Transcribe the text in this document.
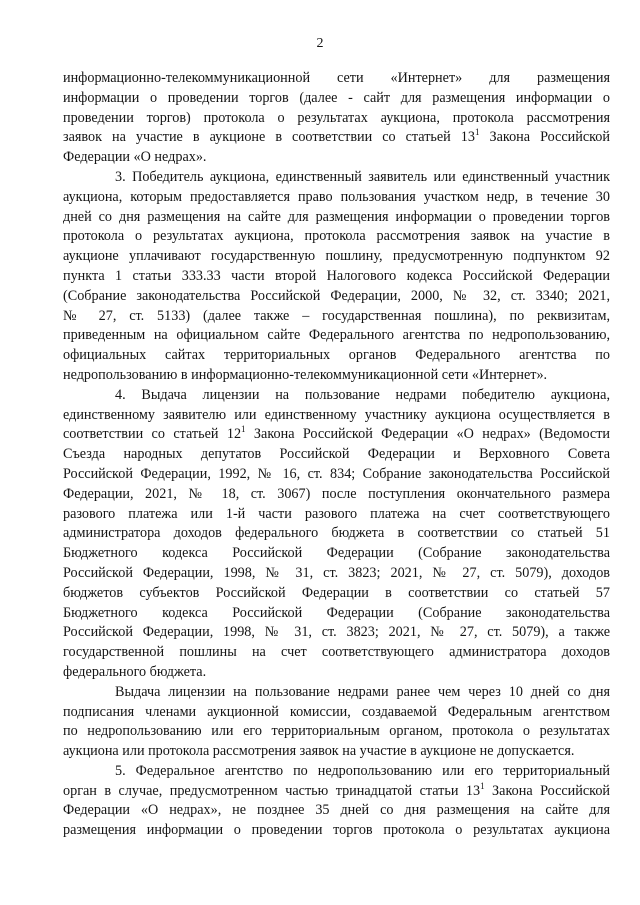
2
информационно-телекоммуникационной сети «Интернет» для размещения
информации о проведении торгов (далее - сайт для размещения информации о
проведении торгов) протокола о результатах аукциона, протокола рассмотрения
заявок на участие в аукционе в соответствии со статьей $13^1$ Закона Российской
Федерации «О недрах».
3. Победитель аукциона, единственный заявитель или единственный участник
аукциона, которым предоставляется право пользования участком недр, в течение 30
дней со дня размещения на сайте для размещения информации о проведении торгов
протокола о результатах аукциона, протокола рассмотрения заявок на участие в
аукционе уплачивают государственную пошлину, предусмотренную подпунктом 92
пункта 1 статьи 333.33 части второй Налогового кодекса Российской Федерации
(Собрание законодательства Российской Федерации, 2000, № 32, ст. 3340; 2021,
№ 27, ст. 5133) (далее также – государственная пошлина), по реквизитам,
приведенным на официальном сайте Федерального агентства по недропользованию,
официальных сайтах территориальных органов Федерального агентства по
недропользованию в информационно-телекоммуникационной сети «Интернет».
4. Выдача лицензии на пользование недрами победителю аукциона,
единственному заявителю или единственному участнику аукциона осуществляется в
соответствии со статьей $12^1$ Закона Российской Федерации «О недрах» (Ведомости
Съезда народных депутатов Российской Федерации и Верховного Совета
Российской Федерации, 1992, № 16, ст. 834; Собрание законодательства Российской
Федерации, 2021, № 18, ст. 3067) после поступления окончательного размера
разового платежа или 1-й части разового платежа на счет соответствующего
администратора доходов федерального бюджета в соответствии со статьей 51
Бюджетного кодекса Российской Федерации (Собрание законодательства
Российской Федерации, 1998, № 31, ст. 3823; 2021, № 27, ст. 5079), доходов
бюджетов субъектов Российской Федерации в соответствии со статьей 57
Бюджетного кодекса Российской Федерации (Собрание законодательства
Российской Федерации, 1998, № 31, ст. 3823; 2021, № 27, ст. 5079), а также
государственной пошлины на счет соответствующего администратора доходов
федерального бюджета.
Выдача лицензии на пользование недрами ранее чем через 10 дней со дня
подписания членами аукционной комиссии, создаваемой Федеральным агентством
по недропользованию или его территориальным органом, протокола о результатах
аукциона или протокола рассмотрения заявок на участие в аукционе не допускается.
5. Федеральное агентство по недропользованию или его территориальный
орган в случае, предусмотренном частью тринадцатой статьи $13^1$ Закона Российской
Федерации «О недрах», не позднее 35 дней со дня размещения на сайте для
размещения информации о проведении торгов протокола о результатах аукциона
